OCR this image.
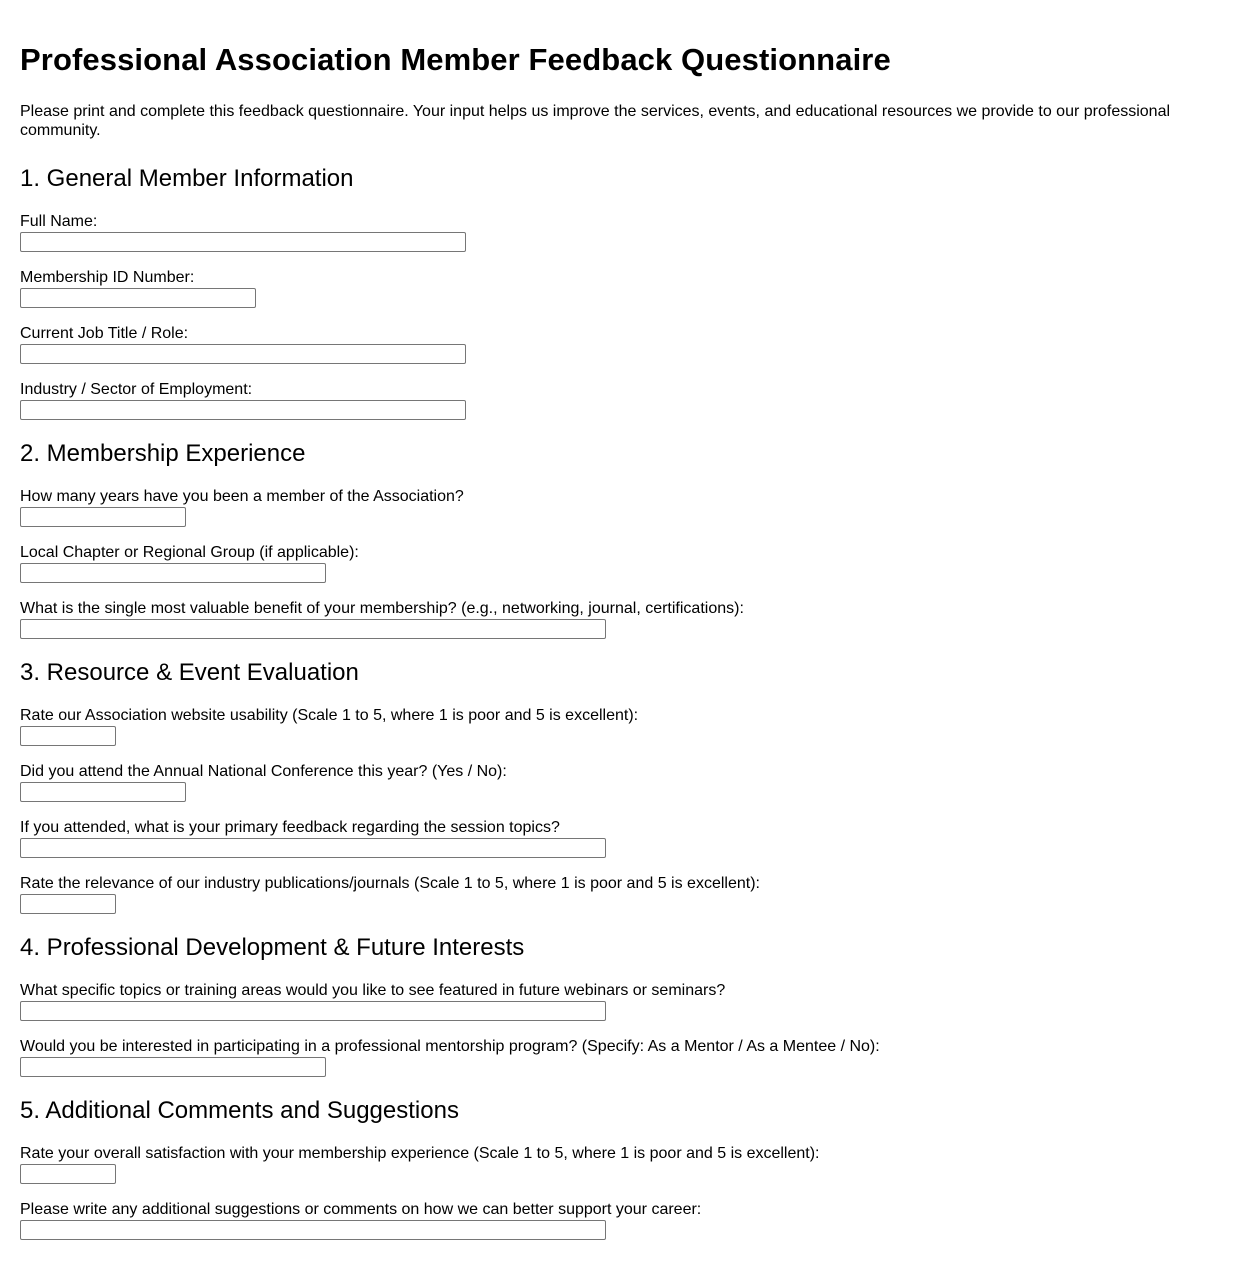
Professional Association Member Feedback Questionnaire

Please print and complete this feedback questionnaire. Your input helps us improve the services, events, and educational resources we provide to our professional community.

1. General Member Information
Full Name:
Membership ID Number:
Current Job Title / Role:
Industry / Sector of Employment:
2. Membership Experience
How many years have you been a member of the Association?
Local Chapter or Regional Group (if applicable):
What is the single most valuable benefit of your membership? (e.g., networking, journal, certifications):
3. Resource & Event Evaluation
Rate our Association website usability (Scale 1 to 5, where 1 is poor and 5 is excellent):
Did you attend the Annual National Conference this year? (Yes / No):
If you attended, what is your primary feedback regarding the session topics?
Rate the relevance of our industry publications/journals (Scale 1 to 5, where 1 is poor and 5 is excellent):
4. Professional Development & Future Interests
What specific topics or training areas would you like to see featured in future webinars or seminars?
Would you be interested in participating in a professional mentorship program? (Specify: As a Mentor / As a Mentee / No):
5. Additional Comments and Suggestions
Rate your overall satisfaction with your membership experience (Scale 1 to 5, where 1 is poor and 5 is excellent):
Please write any additional suggestions or comments on how we can better support your career:
